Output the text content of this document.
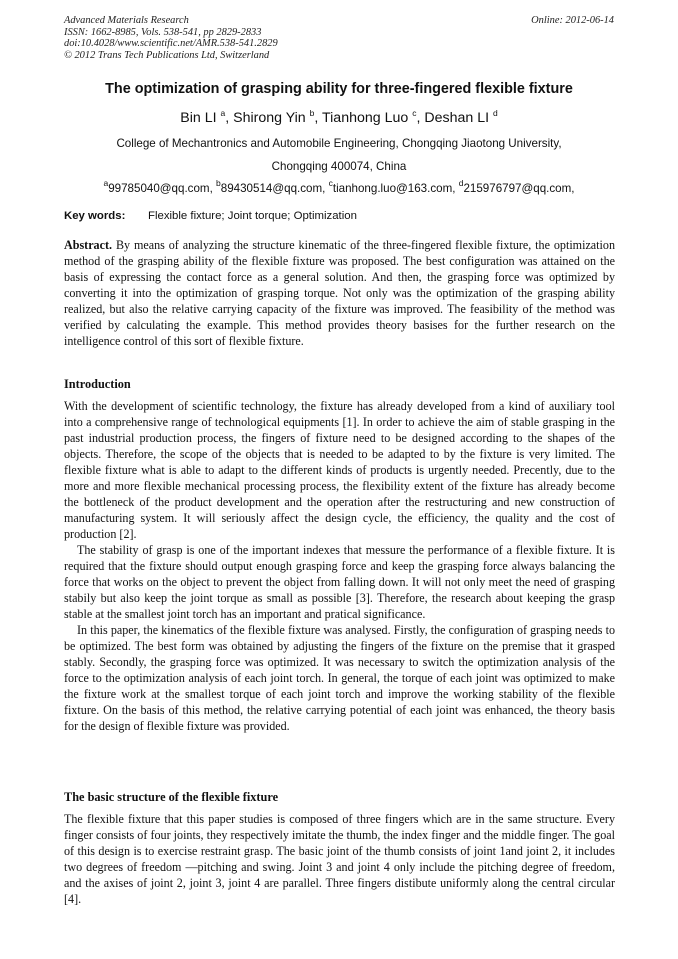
Advanced Materials Research
ISSN: 1662-8985, Vols. 538-541, pp 2829-2833
doi:10.4028/www.scientific.net/AMR.538-541.2829
© 2012 Trans Tech Publications Ltd, Switzerland
Online: 2012-06-14
The optimization of grasping ability for three-fingered flexible fixture
Bin LI $^a$, Shirong Yin $^b$, Tianhong Luo $^c$, Deshan LI $^d$
College of Mechantronics and Automobile Engineering, Chongqing Jiaotong University,
Chongqing 400074, China
$^a$99785040@qq.com, $^b$89430514@qq.com, $^c$tianhong.luo@163.com, $^d$215976797@qq.com,
Key words: Flexible fixture; Joint torque; Optimization

Abstract. By means of analyzing the structure kinematic of the three-fingered flexible fixture, the optimization method of the grasping ability of the flexible fixture was proposed. The best configuration was attained on the basis of expressing the contact force as a general solution. And then, the grasping force was optimized by converting it into the optimization of grasping torque. Not only was the optimization of the grasping ability realized, but also the relative carrying capacity of the fixture was improved. The feasibility of the method was verified by calculating the example. This method provides theory basises for the further research on the intelligence control of this sort of flexible fixture.

Introduction

With the development of scientific technology, the fixture has already developed from a kind of auxiliary tool into a comprehensive range of technological equipments [1]. In order to achieve the aim of stable grasping in the past industrial production process, the fingers of fixture need to be designed according to the shapes of the objects. Therefore, the scope of the objects that is needed to be adapted to by the fixture is very limited. The flexible fixture what is able to adapt to the different kinds of products is urgently needed. Precently, due to the more and more flexible mechanical processing process, the flexibility extent of the fixture has already become the bottleneck of the product development and the operation after the restructuring and new construction of manufacturing system. It will seriously affect the design cycle, the efficiency, the quality and the cost of production [2].

The stability of grasp is one of the important indexes that messure the performance of a flexible fixture. It is required that the fixture should output enough grasping force and keep the grasping force always balancing the force that works on the object to prevent the object from falling down. It will not only meet the need of grasping stabily but also keep the joint torque as small as possible [3]. Therefore, the research about keeping the grasp stable at the smallest joint torch has an important and pratical significance.

In this paper, the kinematics of the flexible fixture was analysed. Firstly, the configuration of grasping needs to be optimized. The best form was obtained by adjusting the fingers of the fixture on the premise that it grasped stably. Secondly, the grasping force was optimized. It was necessary to switch the optimization analysis of the force to the optimization analysis of each joint torch. In general, the torque of each joint was optimized to make the fixture work at the smallest torque of each joint torch and improve the working stability of the flexible fixture. On the basis of this method, the relative carrying potential of each joint was enhanced, the theory basis for the design of flexible fixture was provided.

The basic structure of the flexible fixture

The flexible fixture that this paper studies is composed of three fingers which are in the same structure. Every finger consists of four joints, they respectively imitate the thumb, the index finger and the middle finger. The goal of this design is to exercise restraint grasp. The basic joint of the thumb consists of joint 1and joint 2, it includes two degrees of freedom —pitching and swing. Joint 3 and joint 4 only include the pitching degree of freedom, and the axises of joint 2, joint 3, joint 4 are parallel. Three fingers distibute uniformly along the central circular [4].
